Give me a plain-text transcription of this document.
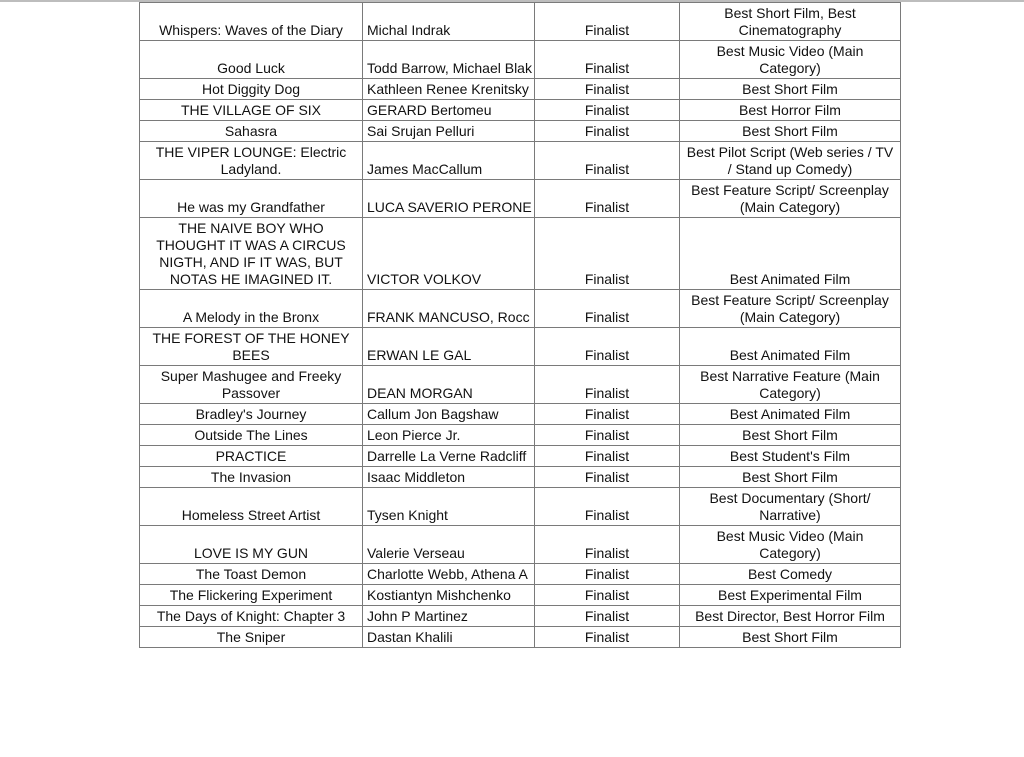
Whispers: Waves of the Diary	Michal Indrak	Finalist	Best Short Film, Best Cinematography
Good Luck	Todd Barrow, Michael Blak	Finalist	Best Music Video (Main Category)
Hot Diggity Dog	Kathleen Renee Krenitsky	Finalist	Best Short Film
THE VILLAGE OF SIX	GERARD Bertomeu	Finalist	Best Horror Film
Sahasra	Sai Srujan Pelluri	Finalist	Best Short Film
THE VIPER LOUNGE: Electric Ladyland.	James MacCallum	Finalist	Best Pilot Script (Web series / TV / Stand up Comedy)
He was my Grandfather	LUCA SAVERIO PERONE	Finalist	Best Feature Script/ Screenplay (Main Category)
THE NAIVE BOY WHO THOUGHT IT WAS A CIRCUS NIGTH, AND IF IT WAS, BUT NOTAS HE IMAGINED IT.	VICTOR VOLKOV	Finalist	Best Animated Film
A Melody in the Bronx	FRANK MANCUSO, Rocc	Finalist	Best Feature Script/ Screenplay (Main Category)
THE FOREST OF THE HONEY BEES	ERWAN LE GAL	Finalist	Best Animated Film
Super Mashugee and Freeky Passover	DEAN MORGAN	Finalist	Best Narrative Feature (Main Category)
Bradley's Journey	Callum Jon Bagshaw	Finalist	Best Animated Film
Outside The Lines	Leon Pierce Jr.	Finalist	Best Short Film
PRACTICE	Darrelle La Verne Radcliff	Finalist	Best Student's Film
The Invasion	Isaac Middleton	Finalist	Best Short Film
Homeless Street Artist	Tysen Knight	Finalist	Best Documentary (Short/ Narrative)
LOVE IS MY GUN	Valerie Verseau	Finalist	Best Music Video (Main Category)
The Toast Demon	Charlotte Webb, Athena A	Finalist	Best Comedy
The Flickering Experiment	Kostiantyn Mishchenko	Finalist	Best Experimental Film
The Days of Knight: Chapter 3	John P Martinez	Finalist	Best Director, Best Horror Film
The Sniper	Dastan Khalili	Finalist	Best Short Film
